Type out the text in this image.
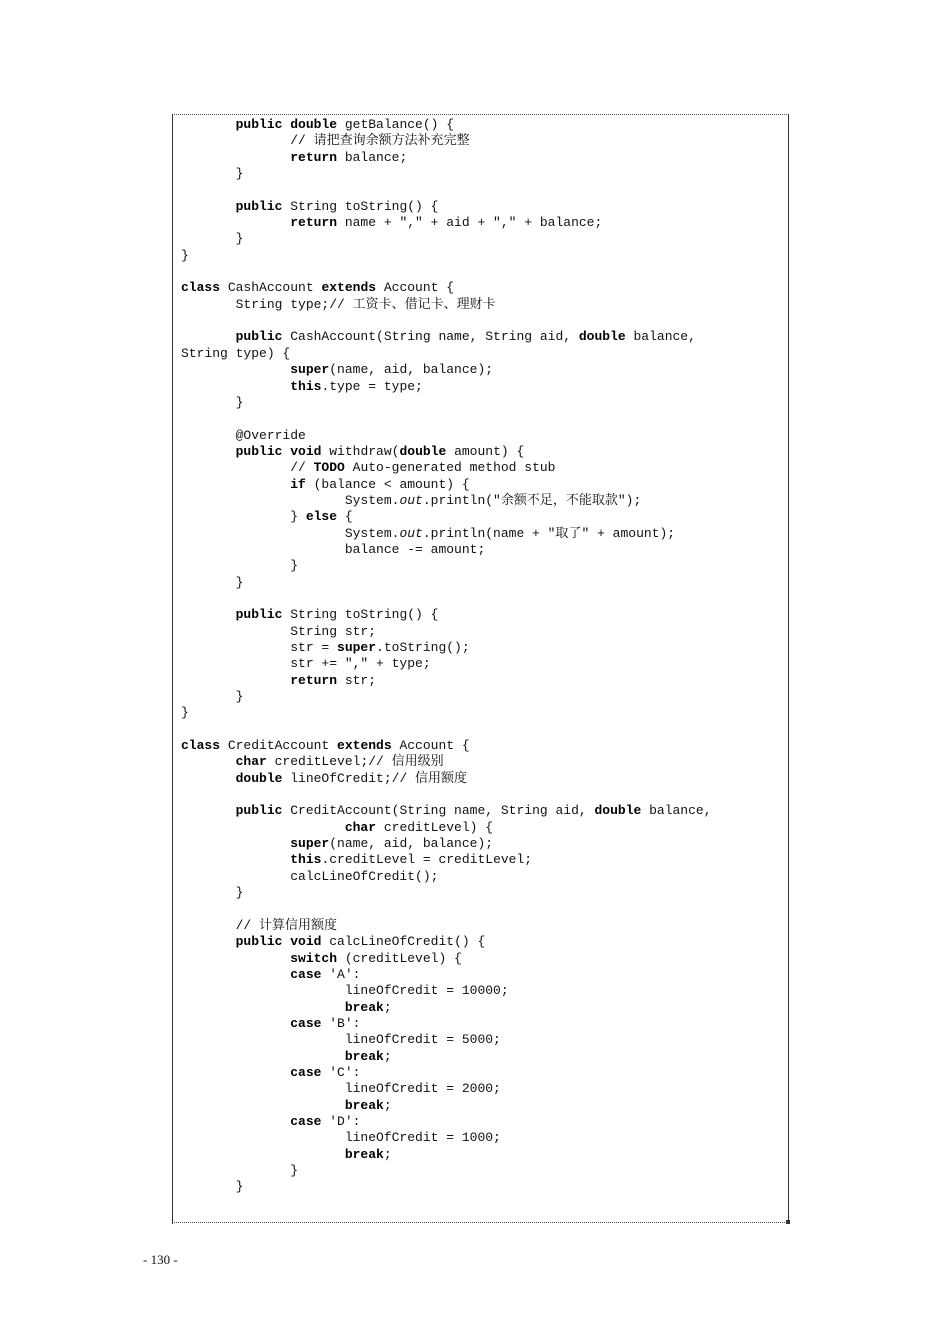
public double getBalance() {
// 请把查询余额方法补充完整
return balance;
}
public String toString() {
return name + "," + aid + "," + balance;
}
}
class CashAccount extends Account {
String type;// 工资卡、借记卡、理财卡
public CashAccount(String name, String aid, double balance,
String type) {
super(name, aid, balance);
this.type = type;
}
@Override
public void withdraw(double amount) {
// TODO Auto-generated method stub
if (balance < amount) {
System.out.println("余额不足，不能取款");
} else {
System.out.println(name + "取了" + amount);
balance -= amount;
}
}
public String toString() {
String str;
str = super.toString();
str += "," + type;
return str;
}
}
class CreditAccount extends Account {
char creditLevel;// 信用级别
double lineOfCredit;// 信用额度
public CreditAccount(String name, String aid, double balance,
char creditLevel) {
super(name, aid, balance);
this.creditLevel = creditLevel;
calcLineOfCredit();
}
// 计算信用额度
public void calcLineOfCredit() {
switch (creditLevel) {
case 'A':
lineOfCredit = 10000;
break;
case 'B':
lineOfCredit = 5000;
break;
case 'C':
lineOfCredit = 2000;
break;
case 'D':
lineOfCredit = 1000;
break;
}
}
- 130 -
